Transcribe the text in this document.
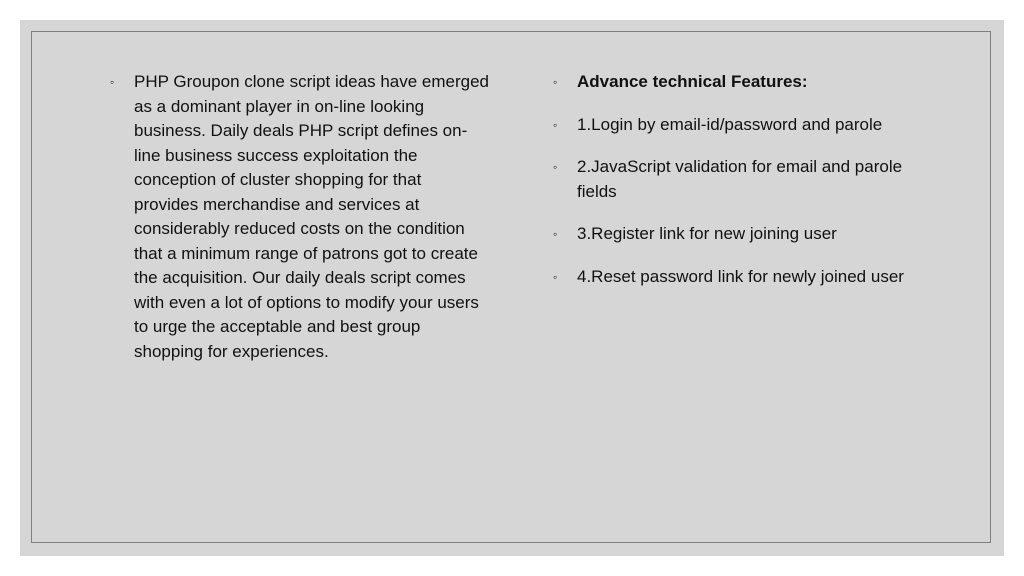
◦ PHP Groupon clone script ideas have emerged as a dominant player in on-line looking business. Daily deals PHP script defines on-line business success exploitation the conception of cluster shopping for that provides merchandise and services at considerably reduced costs on the condition that a minimum range of patrons got to create the acquisition. Our daily deals script comes with even a lot of options to modify your users to urge the acceptable and best group shopping for experiences.
◦ Advance technical Features:
◦ 1.Login by email-id/password and parole
◦ 2.JavaScript validation for email and parole fields
◦ 3.Register link for new joining user
◦ 4.Reset password link for newly joined user
